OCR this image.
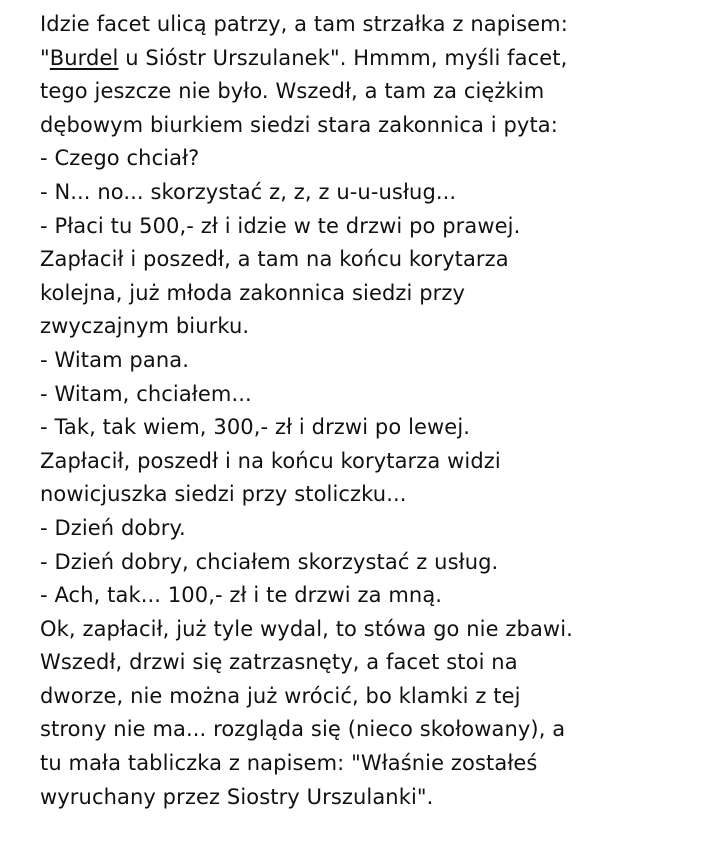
Idzie facet ulicą patrzy, a tam strzałka z napisem:
"Burdel u Sióstr Urszulanek". Hmmm, myśli facet,
tego jeszcze nie było. Wszedł, a tam za ciężkim
dębowym biurkiem siedzi stara zakonnica i pyta:
- Czego chciał?
- N... no... skorzystać z, z, z u-u-usług...
- Płaci tu 500,- zł i idzie w te drzwi po prawej.
Zapłacił i poszedł, a tam na końcu korytarza
kolejna, już młoda zakonnica siedzi przy
zwyczajnym biurku.
- Witam pana.
- Witam, chciałem...
- Tak, tak wiem, 300,- zł i drzwi po lewej.
Zapłacił, poszedł i na końcu korytarza widzi
nowicjuszka siedzi przy stoliczku...
- Dzień dobry.
- Dzień dobry, chciałem skorzystać z usług.
- Ach, tak... 100,- zł i te drzwi za mną.
Ok, zapłacił, już tyle wydal, to stówa go nie zbawi.
Wszedł, drzwi się zatrzasnęty, a facet stoi na
dworze, nie można już wrócić, bo klamki z tej
strony nie ma... rozgląda się (nieco skołowany), a
tu mała tabliczka z napisem: "Właśnie zostałeś
wyruchany przez Siostry Urszulanki".
